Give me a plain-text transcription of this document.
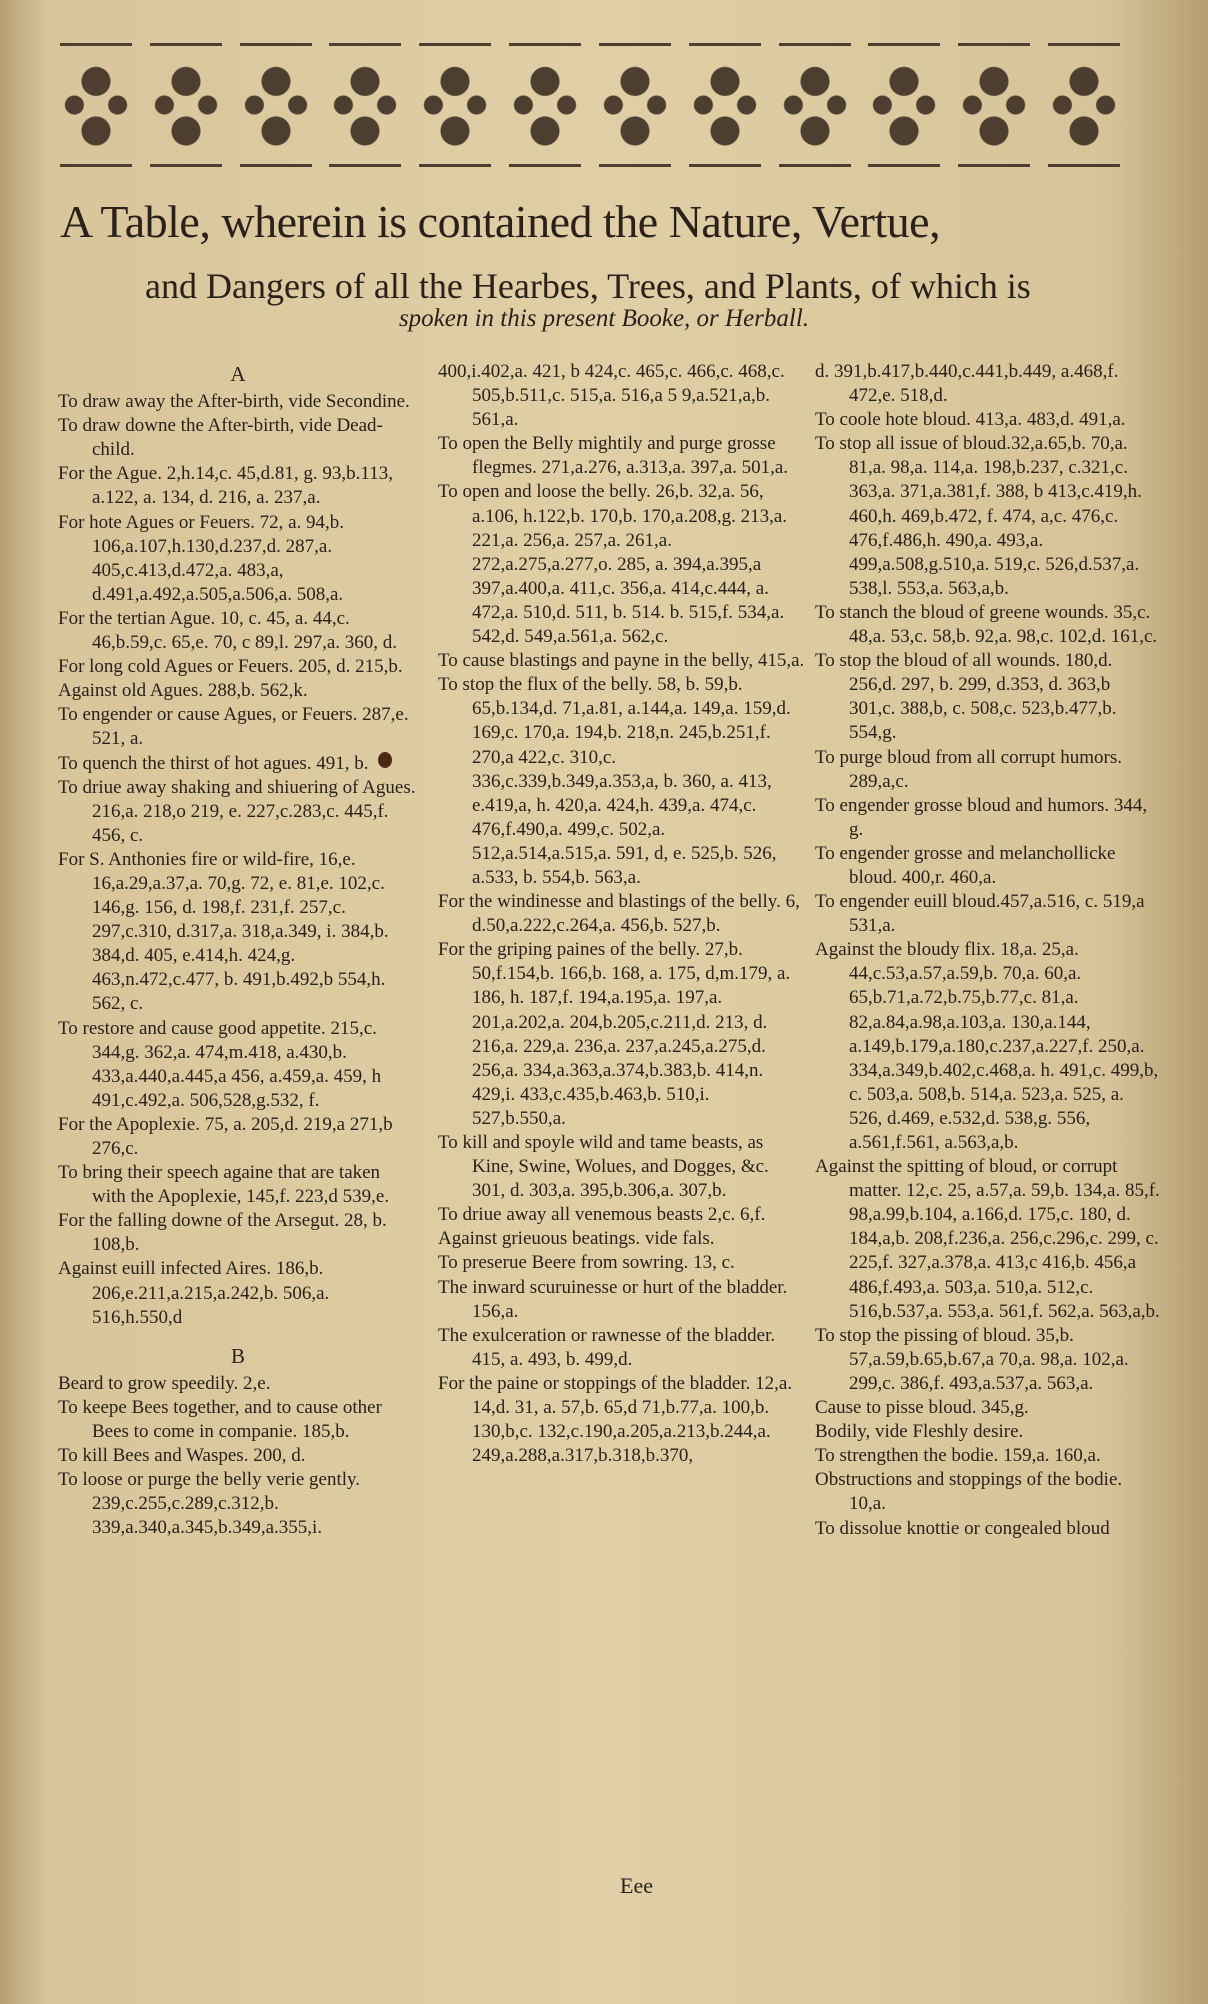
A Table, wherein is contained the Nature, Vertue,
and Dangers of all the Hearbes, Trees, and Plants, of which is
spoken in this present Booke, or Herball.
A
To draw away the After-birth, vide Secondine.
To draw downe the After-birth, vide Dead-child.
For the Ague. 2,h.14,c. 45,d.81, g. 93,b.113, a.122, a. 134, d. 216, a. 237,a.
For hote Agues or Feuers. 72, a. 94,b. 106,a.107,h.130,d.237,d. 287,a. 405,c.413,d.472,a. 483,a, d.491,a.492,a.505,a.506,a. 508,a.
For the tertian Ague. 10, c. 45, a. 44,c. 46,b.59,c. 65,e. 70, c 89,l. 297,a. 360, d.
For long cold Agues or Feuers. 205, d. 215,b.
Against old Agues. 288,b. 562,k.
To engender or cause Agues, or Feuers. 287,e. 521, a.
To quench the thirst of hot agues. 491, b.
To driue away shaking and shiuering of Agues. 216,a. 218,o 219, e. 227,c.283,c. 445,f. 456, c.
For S. Anthonies fire or wild-fire, 16,e. 16,a.29,a.37,a. 70,g. 72, e. 81,e. 102,c. 146,g. 156, d. 198,f. 231,f. 257,c. 297,c.310, d.317,a. 318,a.349, i. 384,b. 384,d. 405, e.414,h. 424,g. 463,n.472,c.477, b. 491,b.492,b 554,h. 562, c.
To restore and cause good appetite. 215,c. 344,g. 362,a. 474,m.418, a.430,b. 433,a.440,a.445,a 456, a.459,a. 459, h 491,c.492,a. 506,528,g.532, f.
For the Apoplexie. 75, a. 205,d. 219,a 271,b 276,c.
To bring their speech againe that are taken with the Apoplexie, 145,f. 223,d 539,e.
For the falling downe of the Arsegut. 28, b. 108,b.
Against euill infected Aires. 186,b. 206,e.211,a.215,a.242,b. 506,a. 516,h.550,d
B
Beard to grow speedily. 2,e.
To keepe Bees together, and to cause other Bees to come in companie. 185,b.
To kill Bees and Waspes. 200, d.
To loose or purge the belly verie gently. 239,c.255,c.289,c.312,b. 339,a.340,a.345,b.349,a.355,i.
400,i.402,a. 421, b 424,c. 465,c. 466,c. 468,c. 505,b.511,c. 515,a. 516,a 5 9,a.521,a,b. 561,a.
To open the Belly mightily and purge grosse flegmes. 271,a.276, a.313,a. 397,a. 501,a.
To open and loose the belly. 26,b. 32,a. 56, a.106, h.122,b. 170,b. 170,a.208,g. 213,a. 221,a. 256,a. 257,a. 261,a. 272,a.275,a.277,o. 285, a. 394,a.395,a 397,a.400,a. 411,c. 356,a. 414,c.444, a. 472,a. 510,d. 511, b. 514. b. 515,f. 534,a. 542,d. 549,a.561,a. 562,c.
To cause blastings and payne in the belly, 415,a.
To stop the flux of the belly. 58, b. 59,b. 65,b.134,d. 71,a.81, a.144,a. 149,a. 159,d. 169,c. 170,a. 194,b. 218,n. 245,b.251,f. 270,a 422,c. 310,c. 336,c.339,b.349,a.353,a, b. 360, a. 413, e.419,a, h. 420,a. 424,h. 439,a. 474,c. 476,f.490,a. 499,c. 502,a. 512,a.514,a.515,a. 591, d, e. 525,b. 526, a.533, b. 554,b. 563,a.
For the windinesse and blastings of the belly. 6, d.50,a.222,c.264,a. 456,b. 527,b.
For the griping paines of the belly. 27,b. 50,f.154,b. 166,b. 168, a. 175, d,m.179, a. 186, h. 187,f. 194,a.195,a. 197,a. 201,a.202,a. 204,b.205,c.211,d. 213, d. 216,a. 229,a. 236,a. 237,a.245,a.275,d. 256,a. 334,a.363,a.374,b.383,b. 414,n. 429,i. 433,c.435,b.463,b. 510,i. 527,b.550,a.
To kill and spoyle wild and tame beasts, as Kine, Swine, Wolues, and Dogges, &c. 301, d. 303,a. 395,b.306,a. 307,b.
To driue away all venemous beasts 2,c. 6,f.
Against grieuous beatings. vide fals.
To preserue Beere from sowring. 13, c.
The inward scuruinesse or hurt of the bladder. 156,a.
The exulceration or rawnesse of the bladder. 415, a. 493, b. 499,d.
For the paine or stoppings of the bladder. 12,a. 14,d. 31, a. 57,b. 65,d 71,b.77,a. 100,b. 130,b,c. 132,c.190,a.205,a.213,b.244,a. 249,a.288,a.317,b.318,b.370,
d. 391,b.417,b.440,c.441,b.449, a.468,f. 472,e. 518,d.
To coole hote bloud. 413,a. 483,d. 491,a.
To stop all issue of bloud.32,a.65,b. 70,a. 81,a. 98,a. 114,a. 198,b.237, c.321,c. 363,a. 371,a.381,f. 388, b 413,c.419,h. 460,h. 469,b.472, f. 474, a,c. 476,c. 476,f.486,h. 490,a. 493,a. 499,a.508,g.510,a. 519,c. 526,d.537,a. 538,l. 553,a. 563,a,b.
To stanch the bloud of greene wounds. 35,c. 48,a. 53,c. 58,b. 92,a. 98,c. 102,d. 161,c.
To stop the bloud of all wounds. 180,d. 256,d. 297, b. 299, d.353, d. 363,b 301,c. 388,b, c. 508,c. 523,b.477,b. 554,g.
To purge bloud from all corrupt humors. 289,a,c.
To engender grosse bloud and humors. 344, g.
To engender grosse and melanchollicke bloud. 400,r. 460,a.
To engender euill bloud.457,a.516, c. 519,a 531,a.
Against the bloudy flix. 18,a. 25,a. 44,c.53,a.57,a.59,b. 70,a. 60,a. 65,b.71,a.72,b.75,b.77,c. 81,a. 82,a.84,a.98,a.103,a. 130,a.144, a.149,b.179,a.180,c.237,a.227,f. 250,a. 334,a.349,b.402,c.468,a. h. 491,c. 499,b, c. 503,a. 508,b. 514,a. 523,a. 525, a. 526, d.469, e.532,d. 538,g. 556, a.561,f.561, a.563,a,b.
Against the spitting of bloud, or corrupt matter. 12,c. 25, a.57,a. 59,b. 134,a. 85,f. 98,a.99,b.104, a.166,d. 175,c. 180, d. 184,a,b. 208,f.236,a. 256,c.296,c. 299, c. 225,f. 327,a.378,a. 413,c 416,b. 456,a 486,f.493,a. 503,a. 510,a. 512,c. 516,b.537,a. 553,a. 561,f. 562,a. 563,a,b.
To stop the pissing of bloud. 35,b. 57,a.59,b.65,b.67,a 70,a. 98,a. 102,a. 299,c. 386,f. 493,a.537,a. 563,a.
Cause to pisse bloud. 345,g.
Bodily, vide Fleshly desire.
To strengthen the bodie. 159,a. 160,a.
Obstructions and stoppings of the bodie. 10,a.
To dissolue knottie or congealed bloud
Eee
